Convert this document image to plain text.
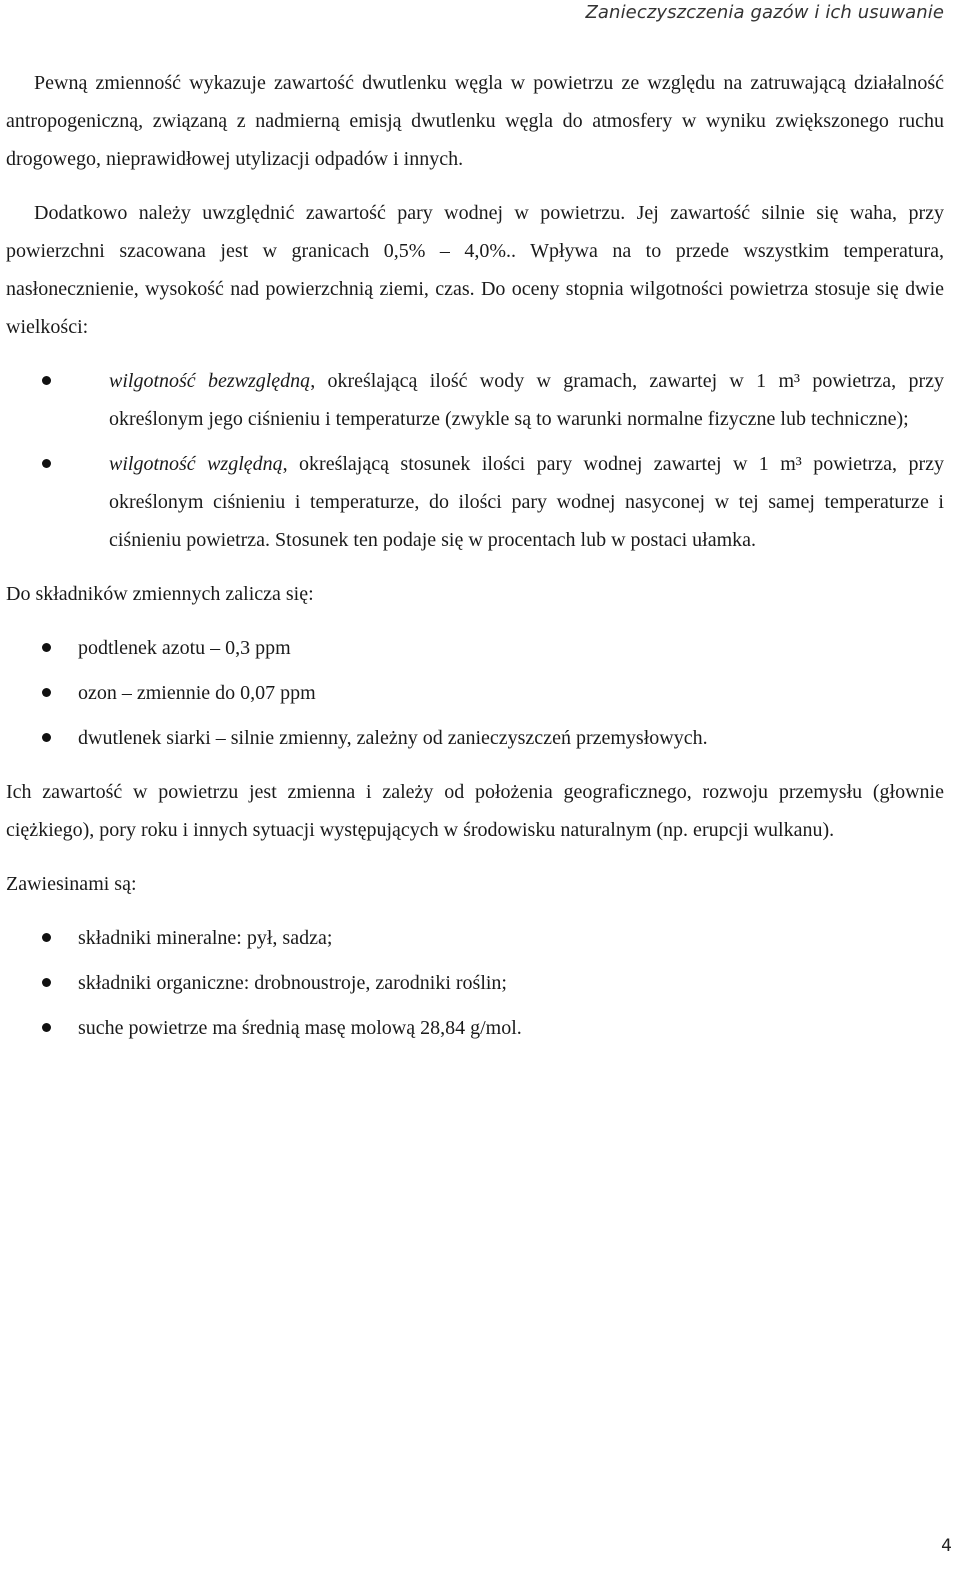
Zanieczyszczenia gazów i ich usuwanie

Pewną zmienność wykazuje zawartość dwutlenku węgla w powietrzu ze względu na zatruwającą działalność antropogeniczną, związaną z nadmierną emisją dwutlenku węgla do atmosfery w wyniku zwiększonego ruchu drogowego, nieprawidłowej utylizacji odpadów i innych.

Dodatkowo należy uwzględnić zawartość pary wodnej w powietrzu. Jej zawartość silnie się waha, przy powierzchni szacowana jest w granicach 0,5% – 4,0%.. Wpływa na to przede wszystkim temperatura, nasłonecznienie, wysokość nad powierzchnią ziemi, czas. Do oceny stopnia wilgotności powietrza stosuje się dwie wielkości:

wilgotność bezwzględną, określającą ilość wody w gramach, zawartej w 1 m³ powietrza, przy określonym jego ciśnieniu i temperaturze (zwykle są to warunki normalne fizyczne lub techniczne);
wilgotność względną, określającą stosunek ilości pary wodnej zawartej w 1 m³ powietrza, przy określonym ciśnieniu i temperaturze, do ilości pary wodnej nasyconej w tej samej temperaturze i ciśnieniu powietrza. Stosunek ten podaje się w procentach lub w postaci ułamka.

Do składników zmiennych zalicza się:

podtlenek azotu – 0,3 ppm
ozon – zmiennie do 0,07 ppm
dwutlenek siarki – silnie zmienny, zależny od zanieczyszczeń przemysłowych.

Ich zawartość w powietrzu jest zmienna i zależy od położenia geograficznego, rozwoju przemysłu (głownie ciężkiego), pory roku i innych sytuacji występujących w środowisku naturalnym (np. erupcji wulkanu).

Zawiesinami są:

składniki mineralne: pył, sadza;
składniki organiczne: drobnoustroje, zarodniki roślin;
suche powietrze ma średnią masę molową 28,84 g/mol.
4
